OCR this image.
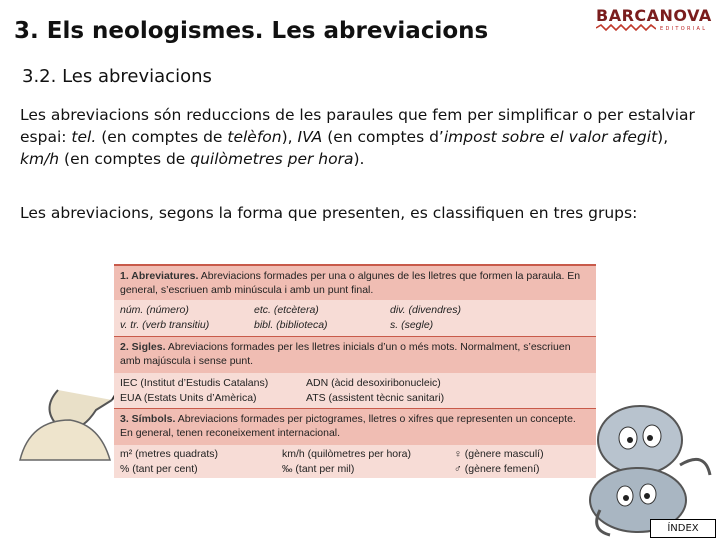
3. Els neologismes. Les abreviacions
BARCANOVA
EDITORIAL
3.2. Les abreviacions
Les abreviacions són reduccions de les paraules que fem per simplificar o per estalviar espai: tel. (en comptes de telèfon), IVA (en comptes d’impost sobre el valor afegit), km/h (en comptes de quilòmetres per hora).
Les abreviacions, segons la forma que presenten, es classifiquen en tres grups:
1. Abreviatures. Abreviacions formades per una o algunes de les lletres que formen la paraula. En general, s’escriuen amb minúscula i amb un punt final.
núm. (número)	etc. (etcètera)	div. (divendres)
v. tr. (verb transitiu)	bibl. (biblioteca)	s. (segle)
2. Sigles. Abreviacions formades per les lletres inicials d’un o més mots. Normalment, s’escriuen amb majúscula i sense punt.
IEC (Institut d’Estudis Catalans)	ADN (àcid desoxiribonucleic)
EUA (Estats Units d’Amèrica)	ATS (assistent tècnic sanitari)
3. Símbols. Abreviacions formades per pictogrames, lletres o xifres que representen un concepte. En general, tenen reconeixement internacional.
m² (metres quadrats)	km/h (quilòmetres per hora)	♀ (gènere masculí)
% (tant per cent)	‰ (tant per mil)	♂ (gènere femení)
ÍNDEX
